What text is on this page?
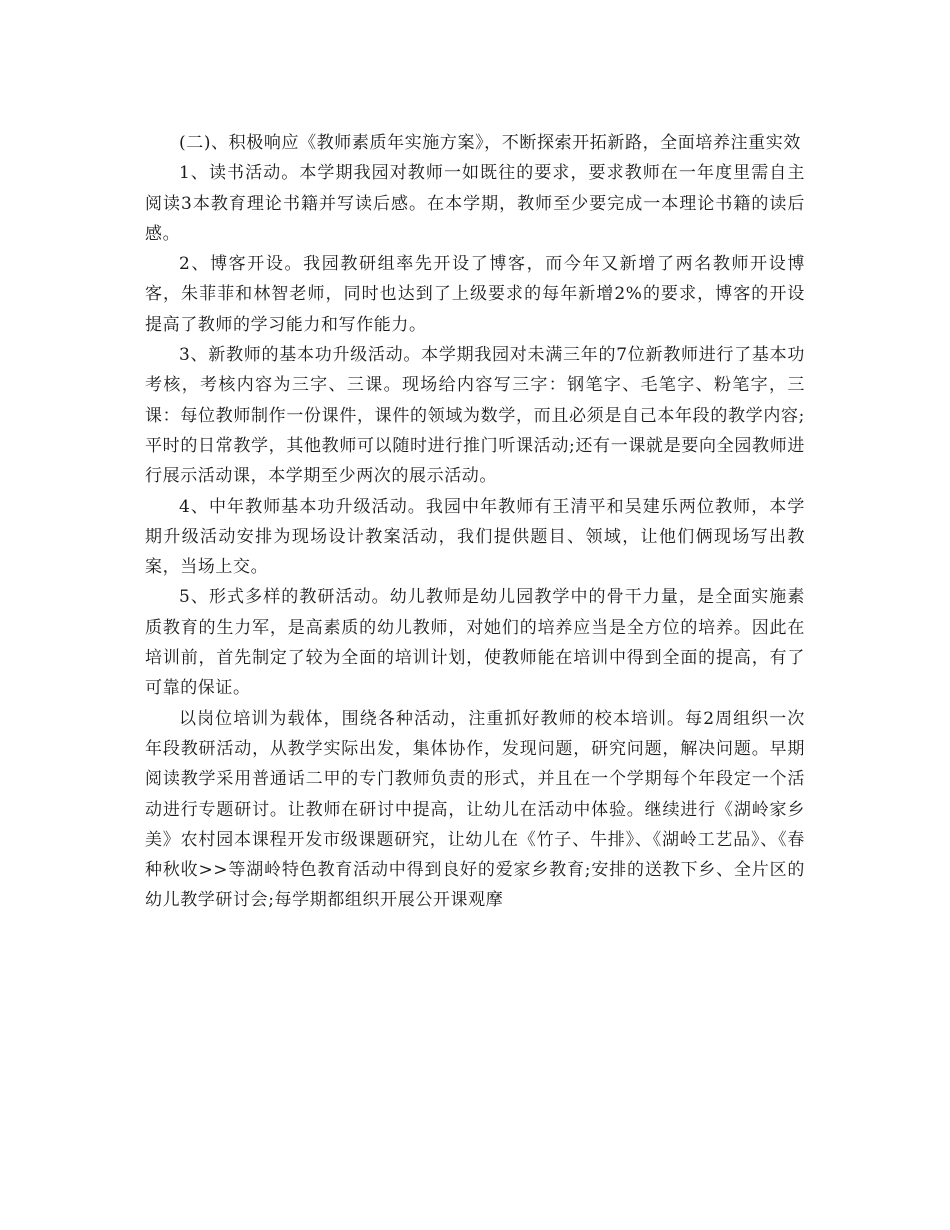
(二)、积极响应《教师素质年实施方案》，不断探索开拓新路，全面培养注重实效

1、读书活动。本学期我园对教师一如既往的要求，要求教师在一年度里需自主阅读3本教育理论书籍并写读后感。在本学期，教师至少要完成一本理论书籍的读后感。

2、博客开设。我园教研组率先开设了博客，而今年又新增了两名教师开设博客，朱菲菲和林智老师，同时也达到了上级要求的每年新增2%的要求，博客的开设提高了教师的学习能力和写作能力。

3、新教师的基本功升级活动。本学期我园对未满三年的7位新教师进行了基本功考核，考核内容为三字、三课。现场给内容写三字：钢笔字、毛笔字、粉笔字，三课：每位教师制作一份课件，课件的领域为数学，而且必须是自己本年段的教学内容;平时的日常教学，其他教师可以随时进行推门听课活动;还有一课就是要向全园教师进行展示活动课，本学期至少两次的展示活动。

4、中年教师基本功升级活动。我园中年教师有王清平和吴建乐两位教师，本学期升级活动安排为现场设计教案活动，我们提供题目、领域，让他们俩现场写出教案，当场上交。

5、形式多样的教研活动。幼儿教师是幼儿园教学中的骨干力量，是全面实施素质教育的生力军，是高素质的幼儿教师，对她们的培养应当是全方位的培养。因此在培训前，首先制定了较为全面的培训计划，使教师能在培训中得到全面的提高，有了可靠的保证。

以岗位培训为载体，围绕各种活动，注重抓好教师的校本培训。每2周组织一次年段教研活动，从教学实际出发，集体协作，发现问题，研究问题，解决问题。早期阅读教学采用普通话二甲的专门教师负责的形式，并且在一个学期每个年段定一个活动进行专题研讨。让教师在研讨中提高，让幼儿在活动中体验。继续进行《湖岭家乡美》农村园本课程开发市级课题研究，让幼儿在《竹子、牛排》、《湖岭工艺品》、《春种秋收>>等湖岭特色教育活动中得到良好的爱家乡教育;安排的送教下乡、全片区的幼儿教学研讨会;每学期都组织开展公开课观摩
